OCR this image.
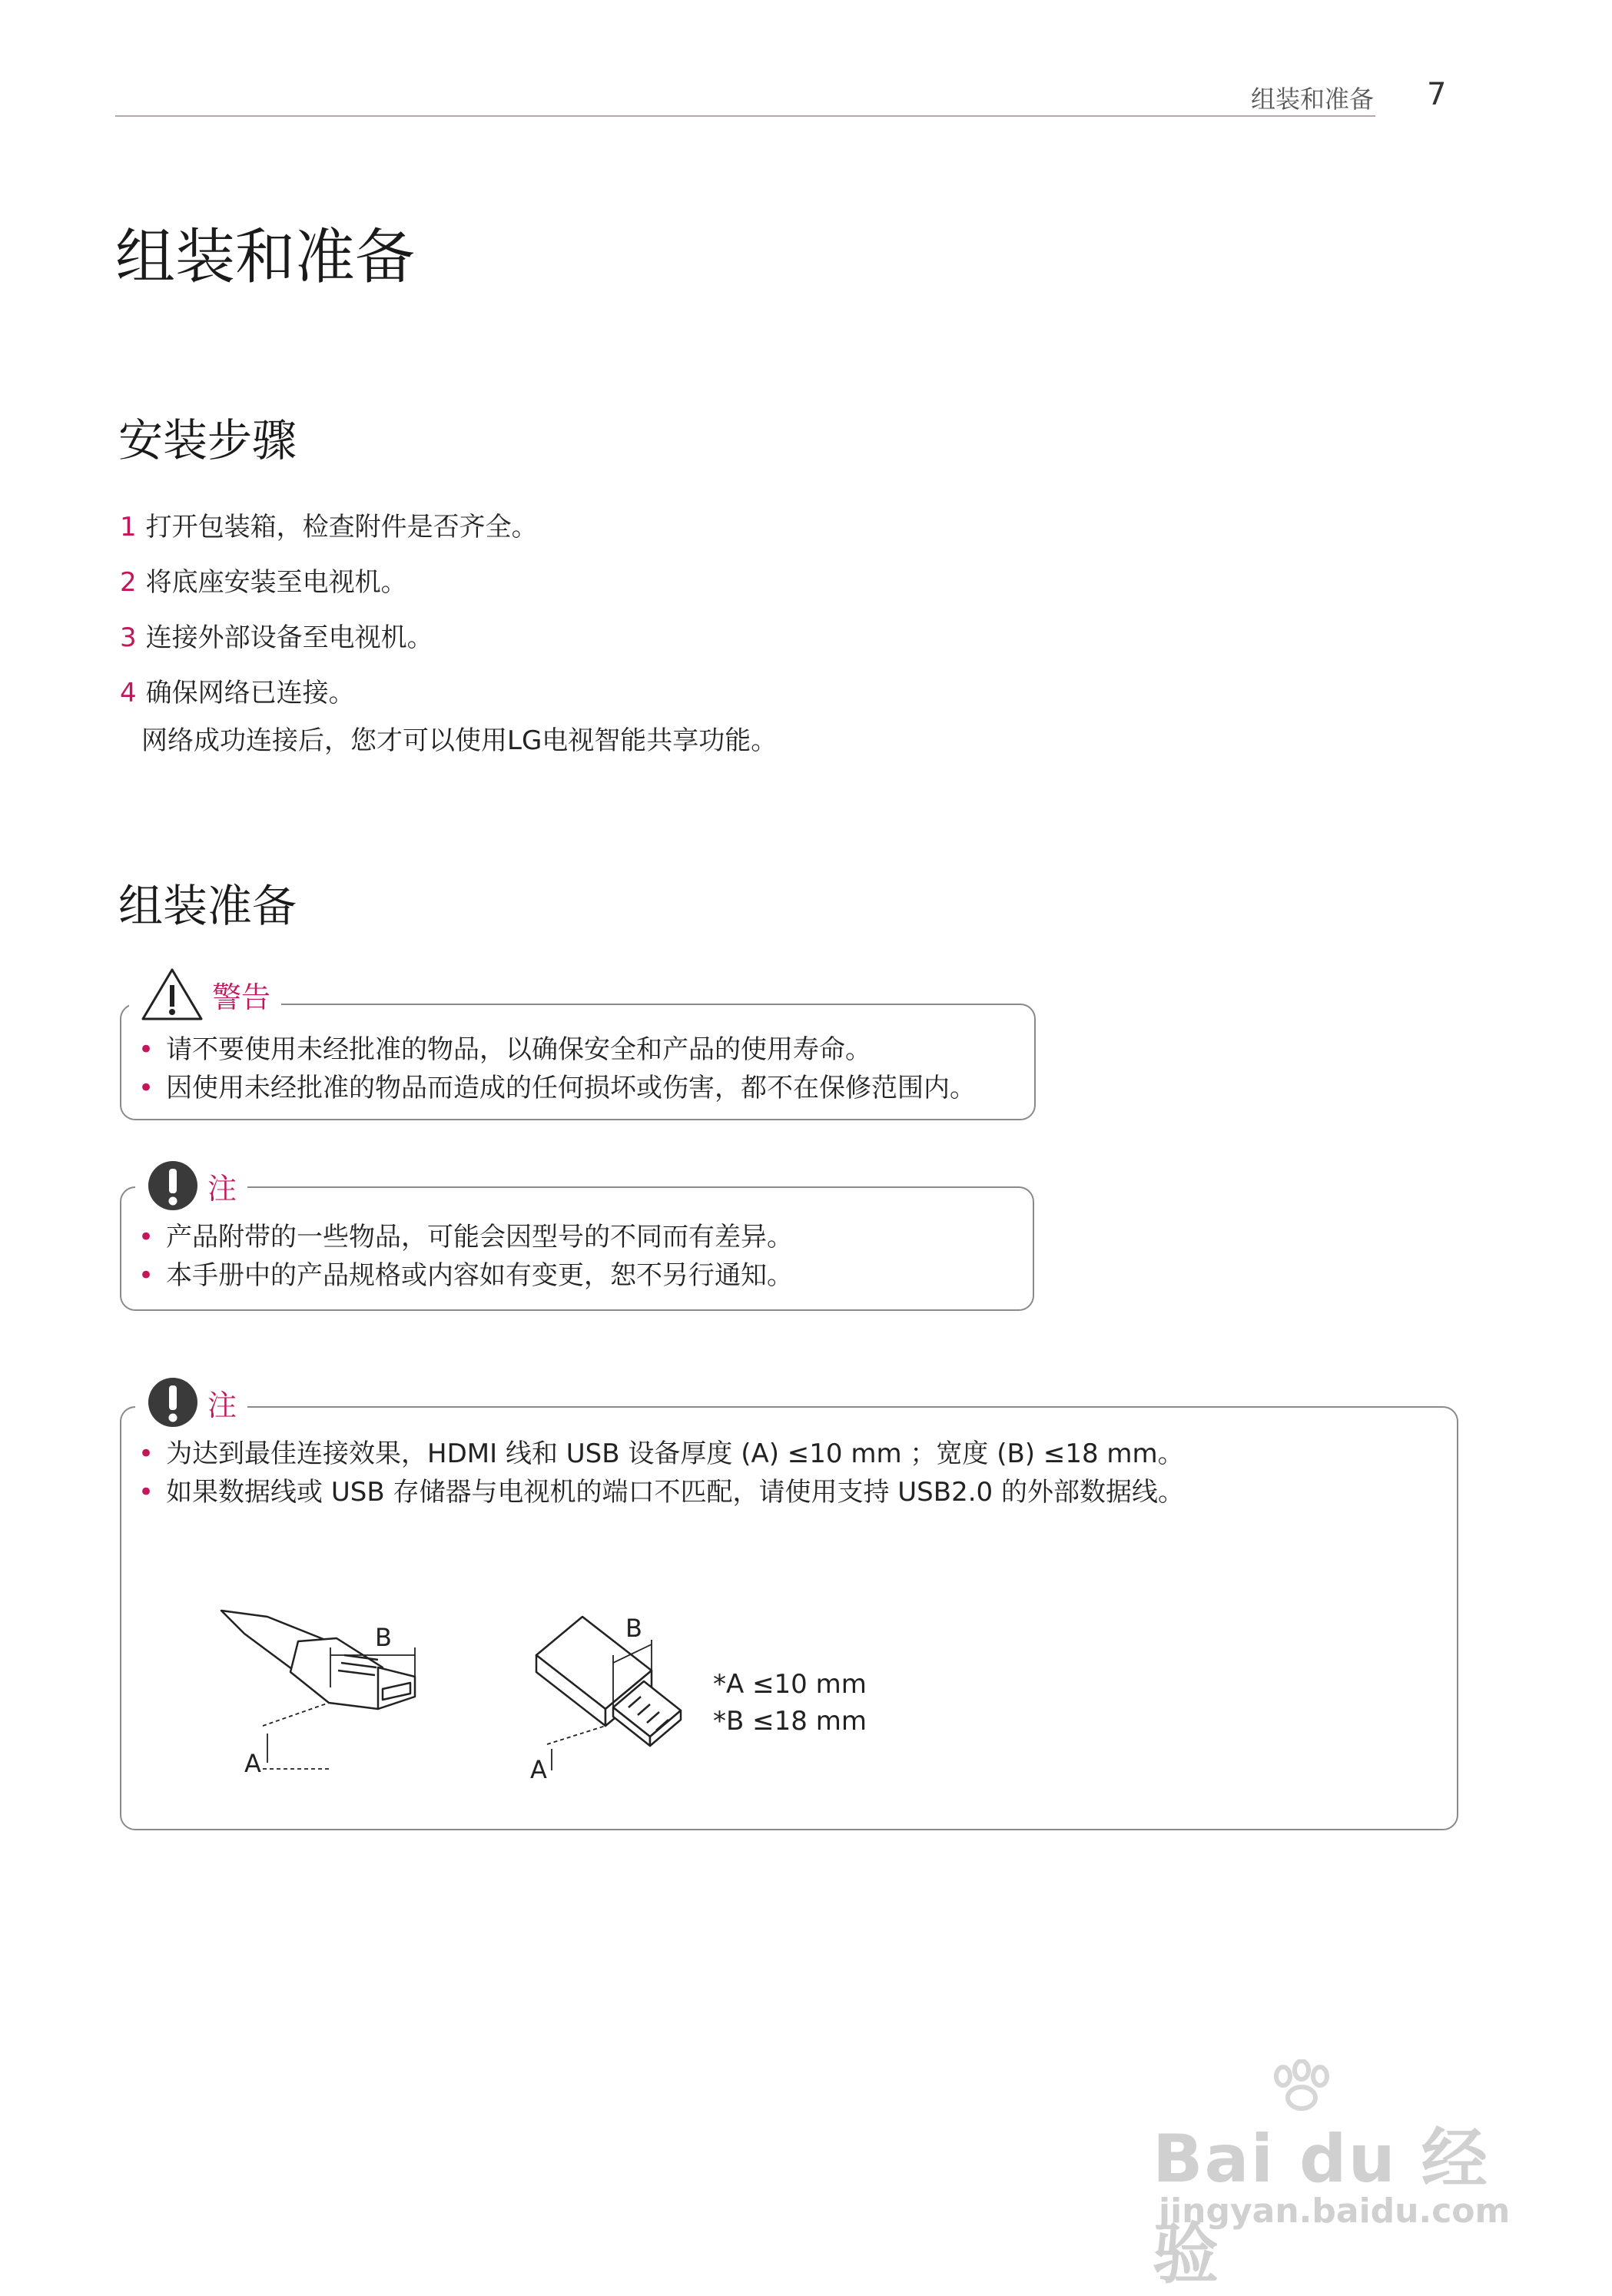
组装和准备 7
组装和准备
安装步骤
1 打开包装箱，检查附件是否齐全。
2 将底座安装至电视机。
3 连接外部设备至电视机。
4 确保网络已连接。
网络成功连接后，您才可以使用LG电视智能共享功能。
组装准备
• 请不要使用未经批准的物品，以确保安全和产品的使用寿命。
• 因使用未经批准的物品而造成的任何损坏或伤害，都不在保修范围内。
警告
• 产品附带的一些物品，可能会因型号的不同而有差异。
• 本手册中的产品规格或内容如有变更，恕不另行通知。
注
• 为达到最佳连接效果，HDMI 线和 USB 设备厚度 (A) ≤10 mm ；宽度 (B) ≤18 mm。
• 如果数据线或 USB 存储器与电视机的端口不匹配，请使用支持 USB2.0 的外部数据线。
B
A
B
A
*A ≤10 mm
*B ≤18 mm
注
Bai du 经验
jingyan.baidu.com
